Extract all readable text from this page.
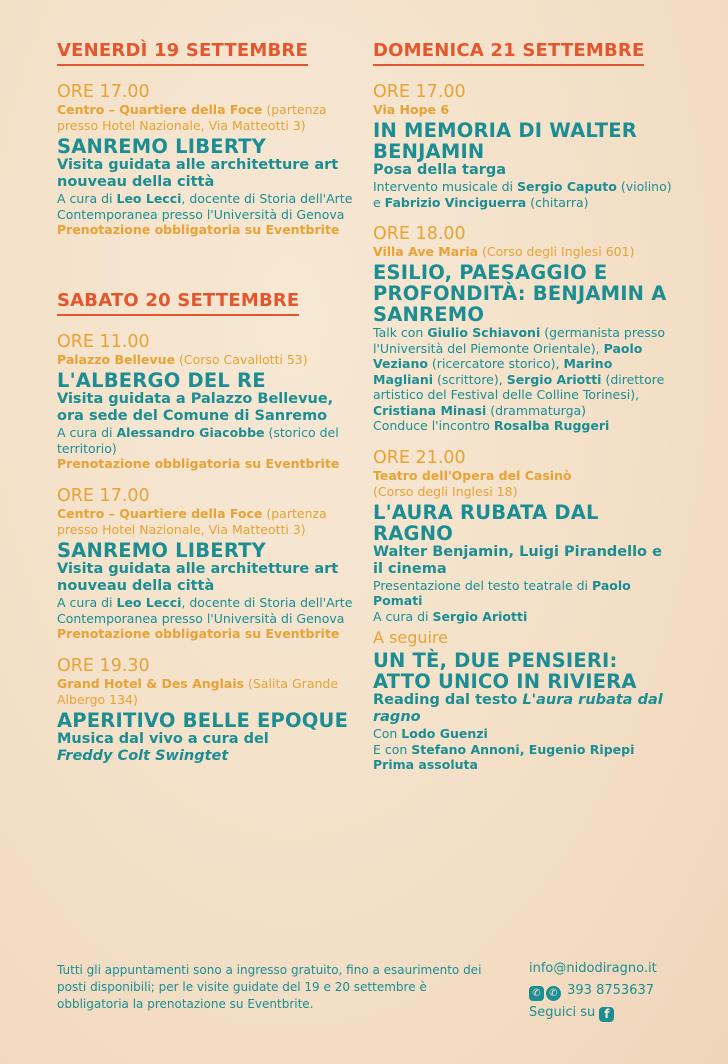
VENERDÌ 19 SETTEMBRE
ORE 17.00
Centro – Quartiere della Foce (partenza presso Hotel Nazionale, Via Matteotti 3)
SANREMO LIBERTY
Visita guidata alle architetture art nouveau della città
A cura di Leo Lecci, docente di Storia dell'Arte Contemporanea presso l'Università di Genova
Prenotazione obbligatoria su Eventbrite
SABATO 20 SETTEMBRE
ORE 11.00
Palazzo Bellevue (Corso Cavallotti 53)
L'ALBERGO DEL RE
Visita guidata a Palazzo Bellevue, ora sede del Comune di Sanremo
A cura di Alessandro Giacobbe (storico del territorio)
Prenotazione obbligatoria su Eventbrite
ORE 17.00
Centro – Quartiere della Foce (partenza presso Hotel Nazionale, Via Matteotti 3)
SANREMO LIBERTY
Visita guidata alle architetture art nouveau della città
A cura di Leo Lecci, docente di Storia dell'Arte Contemporanea presso l'Università di Genova
Prenotazione obbligatoria su Eventbrite
ORE 19.30
Grand Hotel & Des Anglais (Salita Grande Albergo 134)
APERITIVO BELLE EPOQUE
Musica dal vivo a cura del
Freddy Colt Swingtet
DOMENICA 21 SETTEMBRE
ORE 17.00
Via Hope 6
IN MEMORIA DI WALTER BENJAMIN
Posa della targa
Intervento musicale di Sergio Caputo (violino) e Fabrizio Vinciguerra (chitarra)
ORE 18.00
Villa Ave Maria (Corso degli Inglesi 601)
ESILIO, PAESAGGIO E PROFONDITÀ: BENJAMIN A SANREMO
Talk con Giulio Schiavoni (germanista presso l'Università del Piemonte Orientale), Paolo Veziano (ricercatore storico), Marino Magliani (scrittore), Sergio Ariotti (direttore artistico del Festival delle Colline Torinesi), Cristiana Minasi (drammaturga)
Conduce l'incontro Rosalba Ruggeri
ORE 21.00
Teatro dell'Opera del Casinò
(Corso degli Inglesi 18)
L'AURA RUBATA DAL RAGNO
Walter Benjamin, Luigi Pirandello e il cinema
Presentazione del testo teatrale di Paolo Pomati
A cura di Sergio Ariotti
A seguire
UN TÈ, DUE PENSIERI: ATTO UNICO IN RIVIERA
Reading dal testo L'aura rubata dal ragno
Con Lodo Guenzi
E con Stefano Annoni, Eugenio Ripepi
Prima assoluta
Tutti gli appuntamenti sono a ingresso gratuito, fino a esaurimento dei posti disponibili; per le visite guidate del 19 e 20 settembre è obbligatoria la prenotazione su Eventbrite.
info@nidodiragno.it
✆ ✆ 393 8753637
Seguici su f
